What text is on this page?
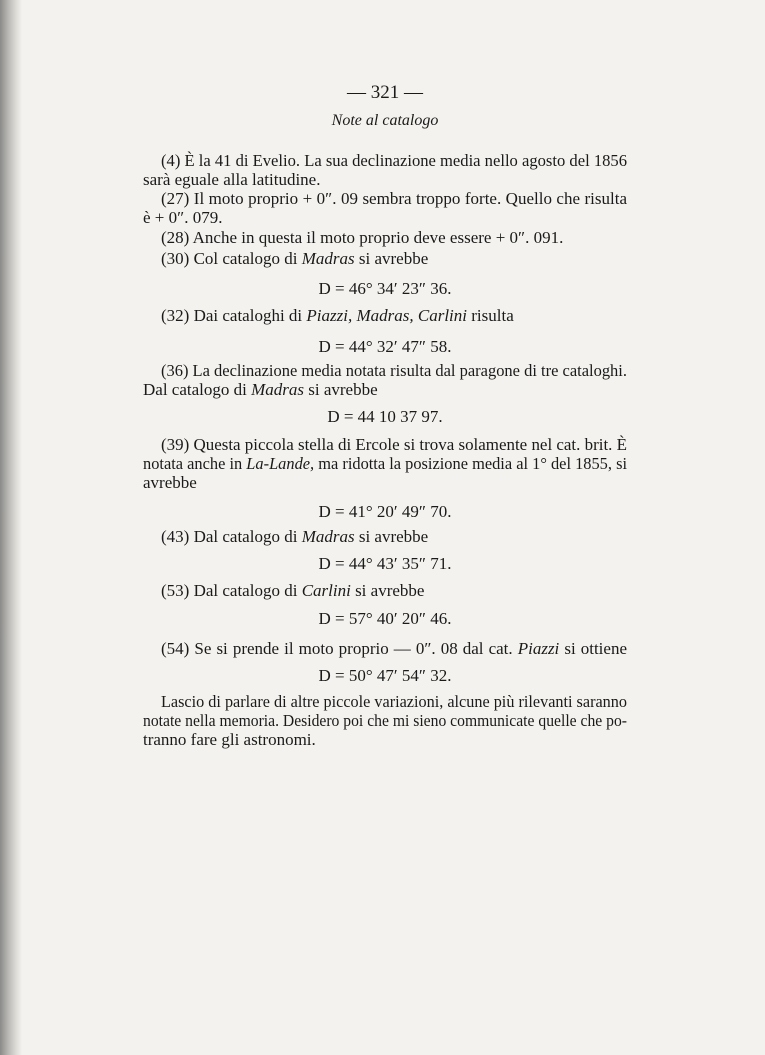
— 321 —
Note al catalogo
(4) È la 41 di Evelio. La sua declinazione media nello agosto del 1856
sarà eguale alla latitudine.
(27) Il moto proprio + 0″. 09 sembra troppo forte. Quello che risulta
è + 0″. 079.
(28) Anche in questa il moto proprio deve essere + 0″. 091.
(30) Col catalogo di Madras si avrebbe
D = 46° 34′ 23″ 36.
(32) Dai cataloghi di Piazzi, Madras, Carlini risulta
D = 44° 32′ 47″ 58.
(36) La declinazione media notata risulta dal paragone di tre cataloghi.
Dal catalogo di Madras si avrebbe
D = 44 10 37 97.
(39) Questa piccola stella di Ercole si trova solamente nel cat. brit. È
notata anche in La-Lande, ma ridotta la posizione media al 1° del 1855, si
avrebbe
D = 41° 20′ 49″ 70.
(43) Dal catalogo di Madras si avrebbe
D = 44° 43′ 35″ 71.
(53) Dal catalogo di Carlini si avrebbe
D = 57° 40′ 20″ 46.
(54) Se si prende il moto proprio — 0″. 08 dal cat. Piazzi si ottiene
D = 50° 47′ 54″ 32.
Lascio di parlare di altre piccole variazioni, alcune più rilevanti saranno
notate nella memoria. Desidero poi che mi sieno communicate quelle che po-
tranno fare gli astronomi.
